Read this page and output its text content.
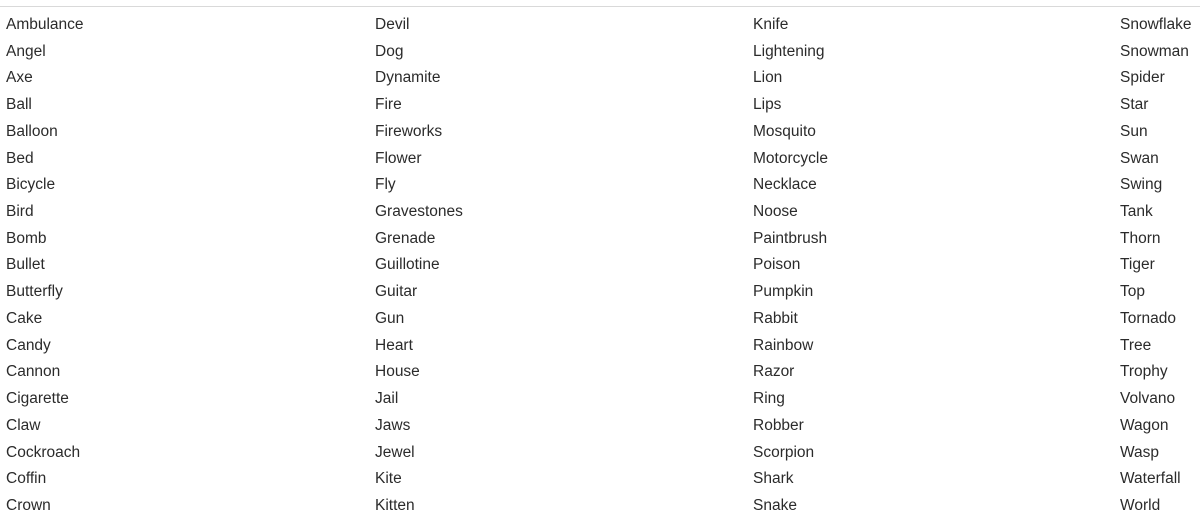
Ambulance
Angel
Axe
Ball
Balloon
Bed
Bicycle
Bird
Bomb
Bullet
Butterfly
Cake
Candy
Cannon
Cigarette
Claw
Cockroach
Coffin
Crown
Devil
Dog
Dynamite
Fire
Fireworks
Flower
Fly
Gravestones
Grenade
Guillotine
Guitar
Gun
Heart
House
Jail
Jaws
Jewel
Kite
Kitten
Knife
Lightening
Lion
Lips
Mosquito
Motorcycle
Necklace
Noose
Paintbrush
Poison
Pumpkin
Rabbit
Rainbow
Razor
Ring
Robber
Scorpion
Shark
Snake
Snowflake
Snowman
Spider
Star
Sun
Swan
Swing
Tank
Thorn
Tiger
Top
Tornado
Tree
Trophy
Volvano
Wagon
Wasp
Waterfall
World
